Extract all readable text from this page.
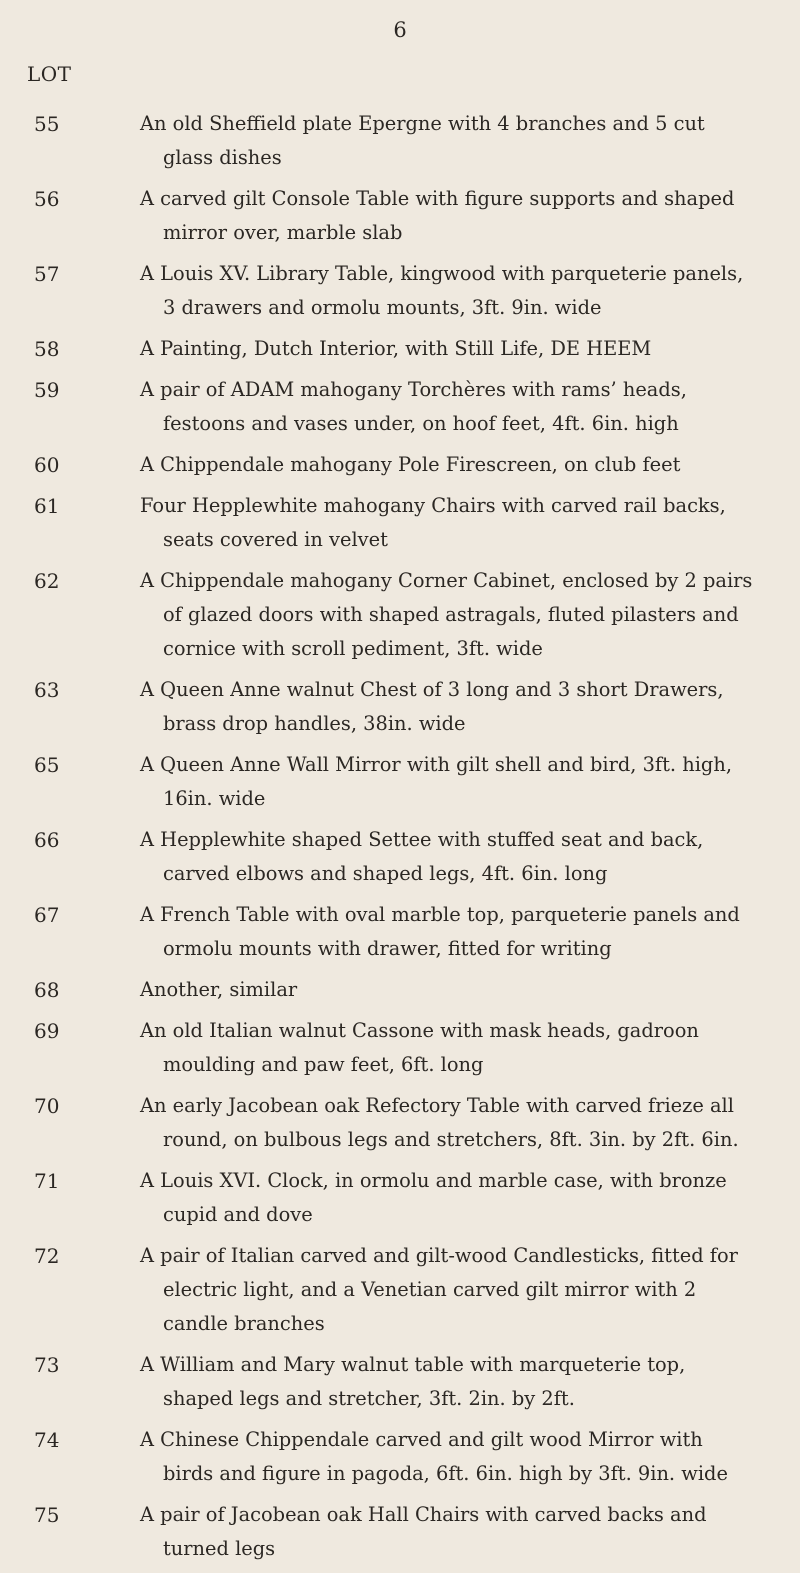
6
LOT
55	An old Sheffield plate Epergne with 4 branches and 5 cut glass dishes
56	A carved gilt Console Table with figure supports and shaped mirror over, marble slab
57	A Louis XV. Library Table, kingwood with parqueterie panels, 3 drawers and ormolu mounts, 3ft. 9in. wide
58	A Painting, Dutch Interior, with Still Life, DE HEEM
59	A pair of ADAM mahogany Torchères with rams’ heads, festoons and vases under, on hoof feet, 4ft. 6in. high
60	A Chippendale mahogany Pole Firescreen, on club feet
61	Four Hepplewhite mahogany Chairs with carved rail backs, seats covered in velvet
62	A Chippendale mahogany Corner Cabinet, enclosed by 2 pairs of glazed doors with shaped astragals, fluted pilasters and cornice with scroll pediment, 3ft. wide
63	A Queen Anne walnut Chest of 3 long and 3 short Drawers, brass drop handles, 38in. wide
65	A Queen Anne Wall Mirror with gilt shell and bird, 3ft. high, 16in. wide
66	A Hepplewhite shaped Settee with stuffed seat and back, carved elbows and shaped legs, 4ft. 6in. long
67	A French Table with oval marble top, parqueterie panels and ormolu mounts with drawer, fitted for writing
68	Another, similar
69	An old Italian walnut Cassone with mask heads, gadroon moulding and paw feet, 6ft. long
70	An early Jacobean oak Refectory Table with carved frieze all round, on bulbous legs and stretchers, 8ft. 3in. by 2ft. 6in.
71	A Louis XVI. Clock, in ormolu and marble case, with bronze cupid and dove
72	A pair of Italian carved and gilt-wood Candlesticks, fitted for electric light, and a Venetian carved gilt mirror with 2 candle branches
73	A William and Mary walnut table with marqueterie top, shaped legs and stretcher, 3ft. 2in. by 2ft.
74	A Chinese Chippendale carved and gilt wood Mirror with birds and figure in pagoda, 6ft. 6in. high by 3ft. 9in. wide
75	A pair of Jacobean oak Hall Chairs with carved backs and turned legs
